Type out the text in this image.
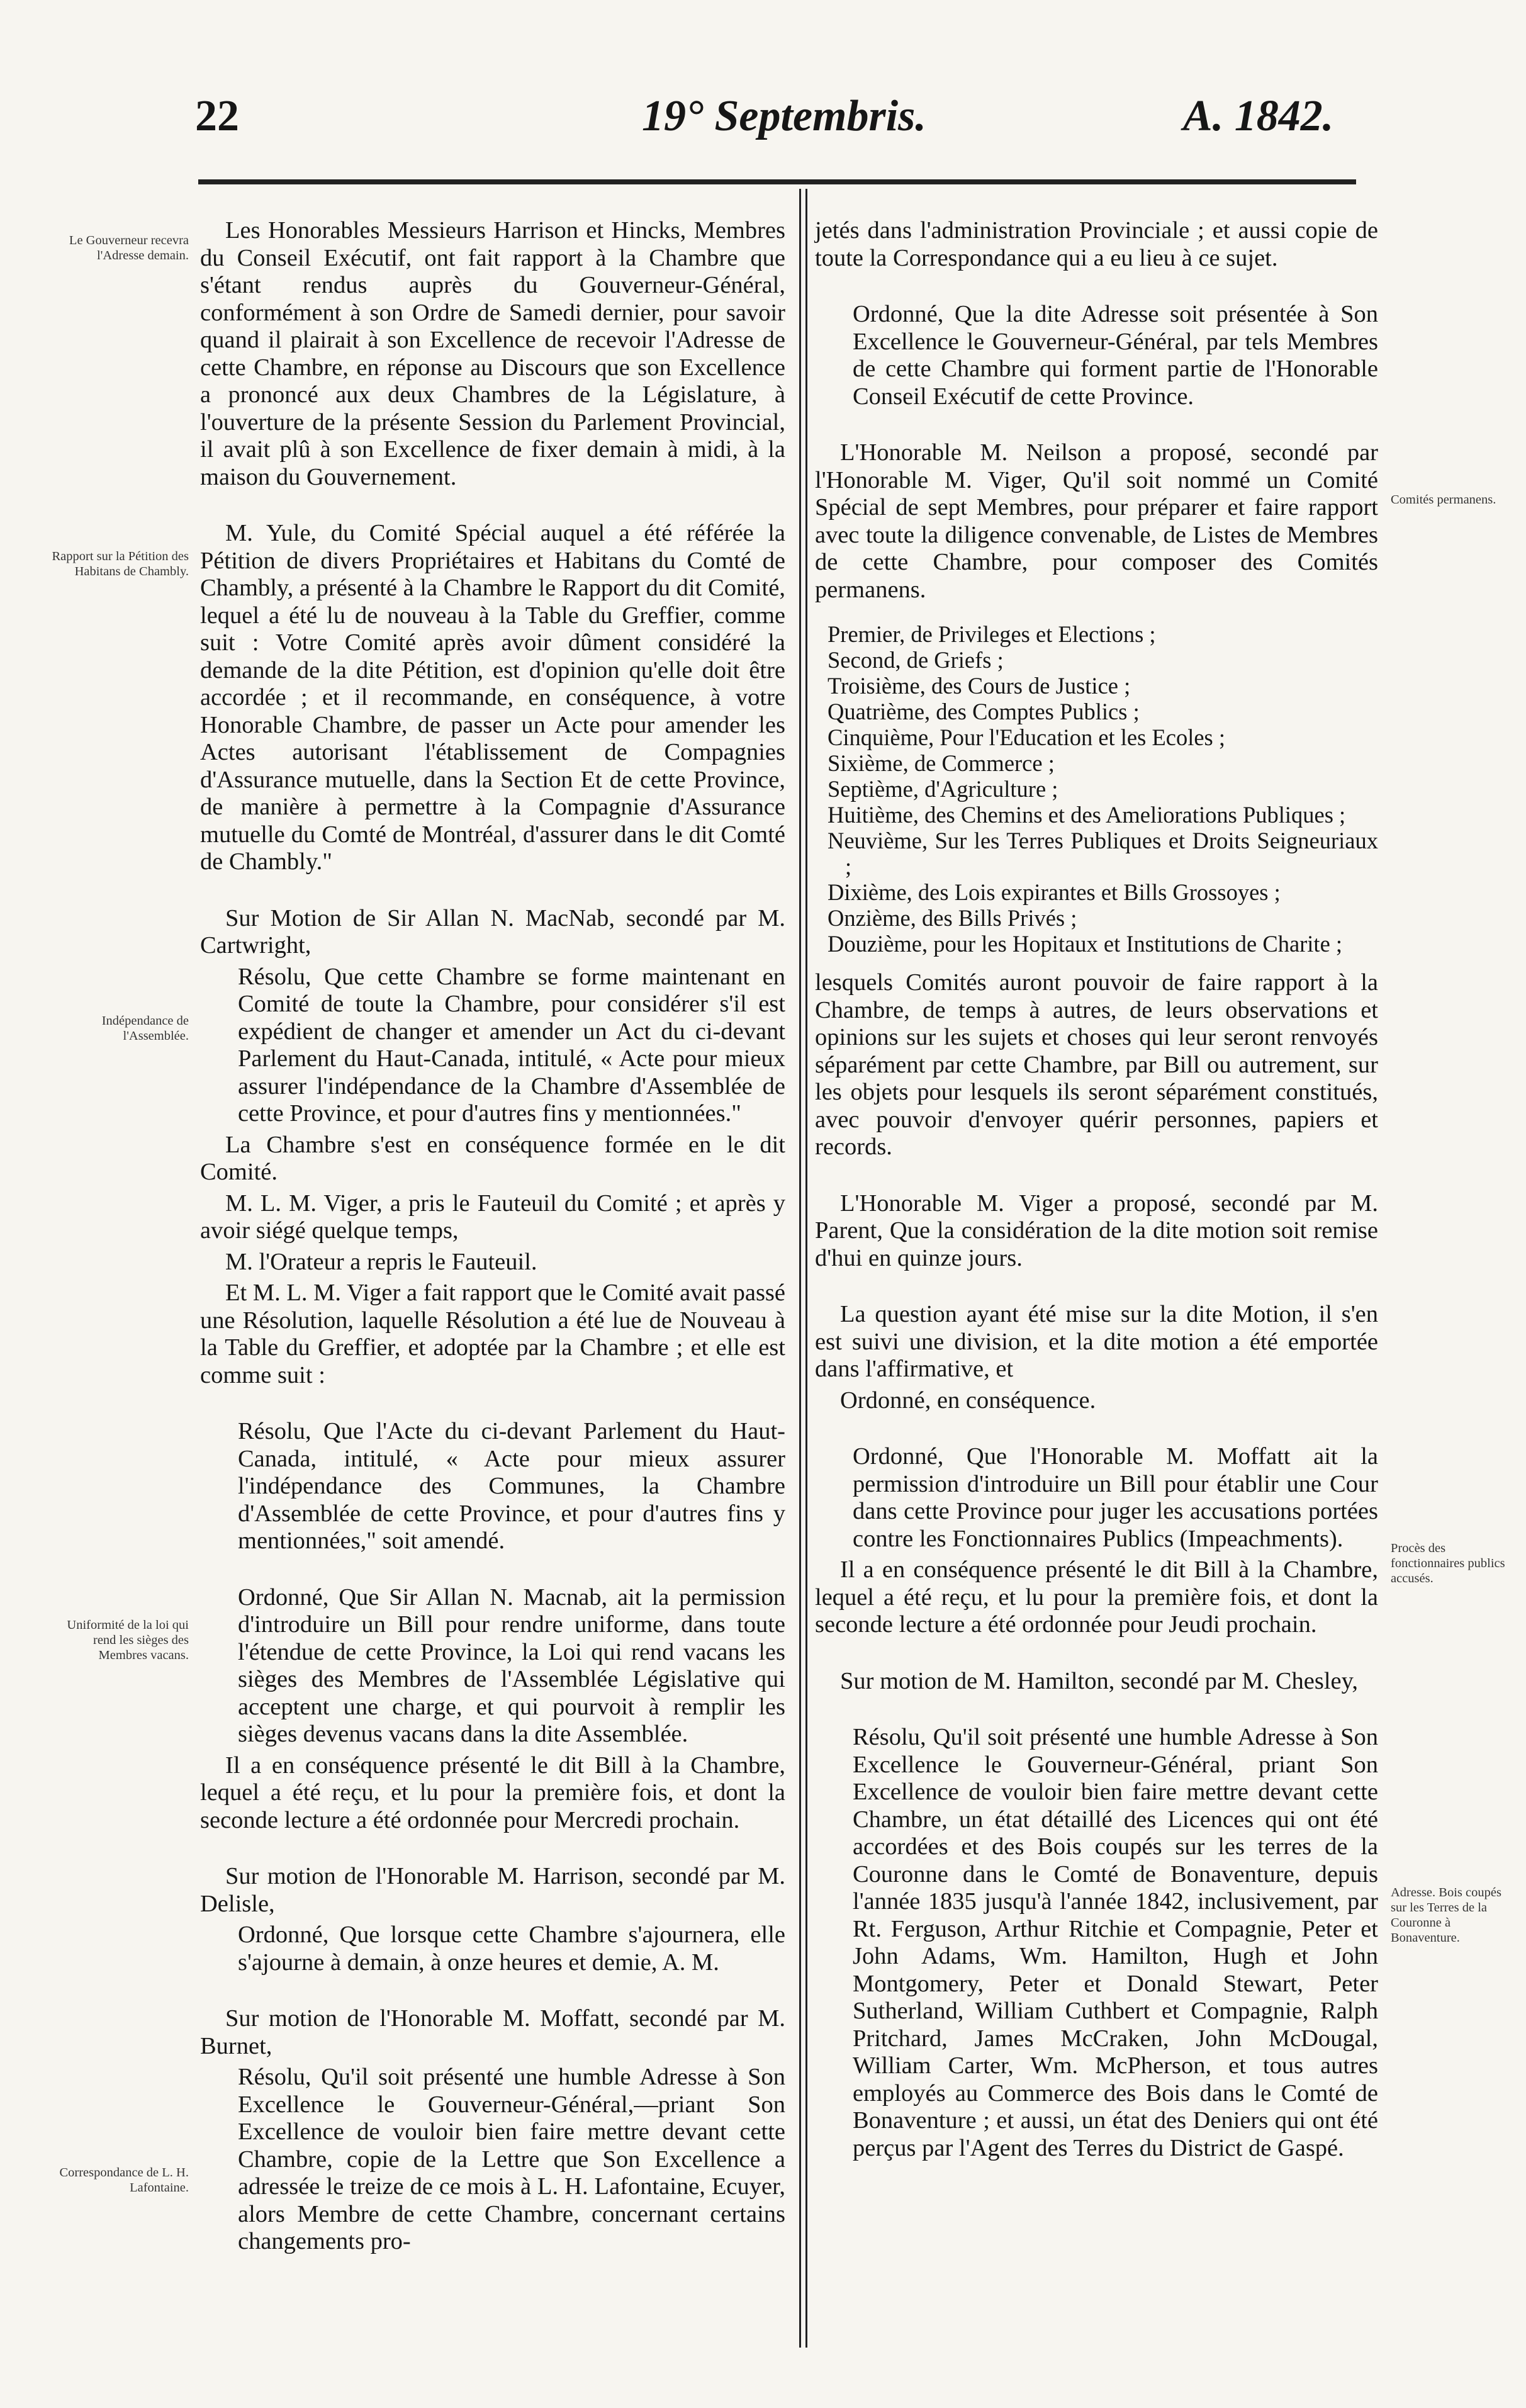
22	19° Septembris.	A. 1842.
Le Gouverneur recevra l'Adresse demain.
Rapport sur la Pétition des Habitans de Chambly.
Indépendance de l'Assemblée.
Uniformité de la loi qui rend les sièges des Membres vacans.
Correspondance de L. H. Lafontaine.
Comités permanens.
Procès des fonctionnaires publics accusés.
Adresse. Bois coupés sur les Terres de la Couronne à Bonaventure.

Les Honorables Messieurs Harrison et Hincks, Membres du Conseil Exécutif, ont fait rapport à la Chambre que s'étant rendus auprès du Gouverneur-Général, conformément à son Ordre de Samedi dernier, pour savoir quand il plairait à son Excellence de recevoir l'Adresse de cette Chambre, en réponse au Discours que son Excellence a prononcé aux deux Chambres de la Législature, à l'ouverture de la présente Session du Parlement Provincial, il avait plû à son Excellence de fixer demain à midi, à la maison du Gouvernement.

M. Yule, du Comité Spécial auquel a été référée la Pétition de divers Propriétaires et Habitans du Comté de Chambly, a présenté à la Chambre le Rapport du dit Comité, lequel a été lu de nouveau à la Table du Greffier, comme suit : Votre Comité après avoir dûment considéré la demande de la dite Pétition, est d'opinion qu'elle doit être accordée ; et il recommande, en conséquence, à votre Honorable Chambre, de passer un Acte pour amender les Actes autorisant l'établissement de Compagnies d'Assurance mutuelle, dans la Section Et de cette Province, de manière à permettre à la Compagnie d'Assurance mutuelle du Comté de Montréal, d'assurer dans le dit Comté de Chambly."

Sur Motion de Sir Allan N. MacNab, secondé par M. Cartwright,

Résolu, Que cette Chambre se forme maintenant en Comité de toute la Chambre, pour considérer s'il est expédient de changer et amender un Act du ci-devant Parlement du Haut-Canada, intitulé, « Acte pour mieux assurer l'indépendance de la Chambre d'Assemblée de cette Province, et pour d'autres fins y mentionnées."

La Chambre s'est en conséquence formée en le dit Comité.

M. L. M. Viger, a pris le Fauteuil du Comité ; et après y avoir siégé quelque temps,

M. l'Orateur a repris le Fauteuil.

Et M. L. M. Viger a fait rapport que le Comité avait passé une Résolution, laquelle Résolution a été lue de Nouveau à la Table du Greffier, et adoptée par la Chambre ; et elle est comme suit :

Résolu, Que l'Acte du ci-devant Parlement du Haut-Canada, intitulé, « Acte pour mieux assurer l'indépendance des Communes, la Chambre d'Assemblée de cette Province, et pour d'autres fins y mentionnées," soit amendé.

Ordonné, Que Sir Allan N. Macnab, ait la permission d'introduire un Bill pour rendre uniforme, dans toute l'étendue de cette Province, la Loi qui rend vacans les sièges des Membres de l'Assemblée Législative qui acceptent une charge, et qui pourvoit à remplir les sièges devenus vacans dans la dite Assemblée.

Il a en conséquence présenté le dit Bill à la Chambre, lequel a été reçu, et lu pour la première fois, et dont la seconde lecture a été ordonnée pour Mercredi prochain.

Sur motion de l'Honorable M. Harrison, secondé par M. Delisle,

Ordonné, Que lorsque cette Chambre s'ajournera, elle s'ajourne à demain, à onze heures et demie, A. M.

Sur motion de l'Honorable M. Moffatt, secondé par M. Burnet,

Résolu, Qu'il soit présenté une humble Adresse à Son Excellence le Gouverneur-Général,—priant Son Excellence de vouloir bien faire mettre devant cette Chambre, copie de la Lettre que Son Excellence a adressée le treize de ce mois à L. H. Lafontaine, Ecuyer, alors Membre de cette Chambre, concernant certains changements pro-

jetés dans l'administration Provinciale ; et aussi copie de toute la Correspondance qui a eu lieu à ce sujet.

Ordonné, Que la dite Adresse soit présentée à Son Excellence le Gouverneur-Général, par tels Membres de cette Chambre qui forment partie de l'Honorable Conseil Exécutif de cette Province.

L'Honorable M. Neilson a proposé, secondé par l'Honorable M. Viger, Qu'il soit nommé un Comité Spécial de sept Membres, pour préparer et faire rapport avec toute la diligence convenable, de Listes de Membres de cette Chambre, pour composer des Comités permanens.

Premier, de Privileges et Elections ;

Second, de Griefs ;

Troisième, des Cours de Justice ;

Quatrième, des Comptes Publics ;

Cinquième, Pour l'Education et les Ecoles ;

Sixième, de Commerce ;

Septième, d'Agriculture ;

Huitième, des Chemins et des Ameliorations Publiques ;

Neuvième, Sur les Terres Publiques et Droits Seigneuriaux ;

Dixième, des Lois expirantes et Bills Grossoyes ;

Onzième, des Bills Privés ;

Douzième, pour les Hopitaux et Institutions de Charite ;

lesquels Comités auront pouvoir de faire rapport à la Chambre, de temps à autres, de leurs observations et opinions sur les sujets et choses qui leur seront renvoyés séparément par cette Chambre, par Bill ou autrement, sur les objets pour lesquels ils seront séparément constitués, avec pouvoir d'envoyer quérir personnes, papiers et records.

L'Honorable M. Viger a proposé, secondé par M. Parent, Que la considération de la dite motion soit remise d'hui en quinze jours.

La question ayant été mise sur la dite Motion, il s'en est suivi une division, et la dite motion a été emportée dans l'affirmative, et

Ordonné, en conséquence.

Ordonné, Que l'Honorable M. Moffatt ait la permission d'introduire un Bill pour établir une Cour dans cette Province pour juger les accusations portées contre les Fonctionnaires Publics (Impeachments).

Il a en conséquence présenté le dit Bill à la Chambre, lequel a été reçu, et lu pour la première fois, et dont la seconde lecture a été ordonnée pour Jeudi prochain.

Sur motion de M. Hamilton, secondé par M. Chesley,

Résolu, Qu'il soit présenté une humble Adresse à Son Excellence le Gouverneur-Général, priant Son Excellence de vouloir bien faire mettre devant cette Chambre, un état détaillé des Licences qui ont été accordées et des Bois coupés sur les terres de la Couronne dans le Comté de Bonaventure, depuis l'année 1835 jusqu'à l'année 1842, inclusivement, par Rt. Ferguson, Arthur Ritchie et Compagnie, Peter et John Adams, Wm. Hamilton, Hugh et John Montgomery, Peter et Donald Stewart, Peter Sutherland, William Cuthbert et Compagnie, Ralph Pritchard, James McCraken, John McDougal, William Carter, Wm. McPherson, et tous autres employés au Commerce des Bois dans le Comté de Bonaventure ; et aussi, un état des Deniers qui ont été perçus par l'Agent des Terres du District de Gaspé.
